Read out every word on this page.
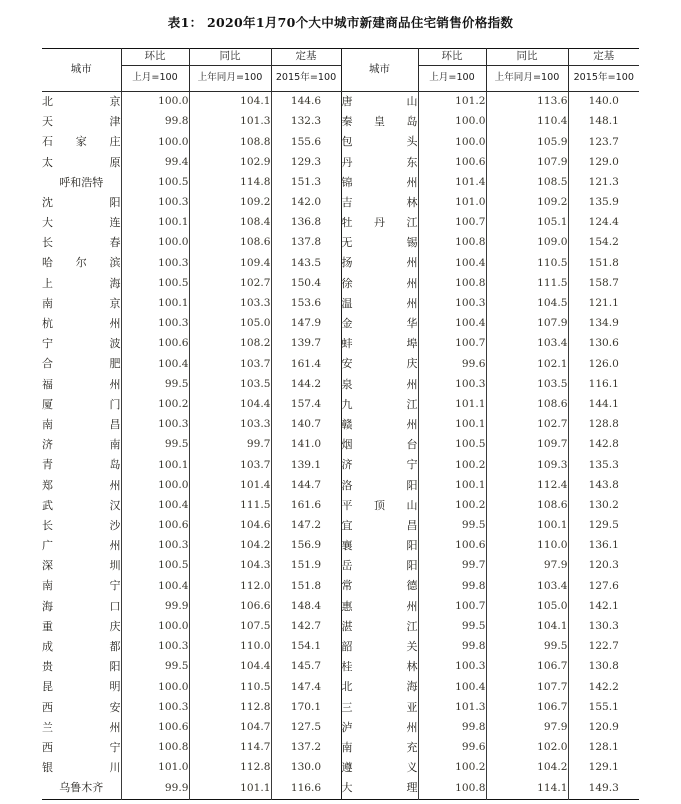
表1： 2020年1月70个大中城市新建商品住宅销售价格指数
城市	环比	同比	定基	城市	环比	同比	定基
	上月=100	上年同月=100	2015年=100		上月=100	上年同月=100	2015年=100

北京	100.0	104.1	144.6	唐山	101.2	113.6	140.0

天津	99.8	101.3	132.3	秦皇岛	100.0	110.4	148.1

石家庄	100.0	108.8	155.6	包头	100.0	105.9	123.7

太原	99.4	102.9	129.3	丹东	100.6	107.9	129.0

呼和浩特	100.5	114.8	151.3	锦州	101.4	108.5	121.3

沈阳	100.3	109.2	142.0	吉林	101.0	109.2	135.9

大连	100.1	108.4	136.8	牡丹江	100.7	105.1	124.4

长春	100.0	108.6	137.8	无锡	100.8	109.0	154.2

哈尔滨	100.3	109.4	143.5	扬州	100.4	110.5	151.8

上海	100.5	102.7	150.4	徐州	100.8	111.5	158.7

南京	100.1	103.3	153.6	温州	100.3	104.5	121.1

杭州	100.3	105.0	147.9	金华	100.4	107.9	134.9

宁波	100.6	108.2	139.7	蚌埠	100.7	103.4	130.6

合肥	100.4	103.7	161.4	安庆	99.6	102.1	126.0

福州	99.5	103.5	144.2	泉州	100.3	103.5	116.1

厦门	100.2	104.4	157.4	九江	101.1	108.6	144.1

南昌	100.3	103.3	140.7	赣州	100.1	102.7	128.8

济南	99.5	99.7	141.0	烟台	100.5	109.7	142.8

青岛	100.1	103.7	139.1	济宁	100.2	109.3	135.3

郑州	100.0	101.4	144.7	洛阳	100.1	112.4	143.8

武汉	100.4	111.5	161.6	平顶山	100.2	108.6	130.2

长沙	100.6	104.6	147.2	宜昌	99.5	100.1	129.5

广州	100.3	104.2	156.9	襄阳	100.6	110.0	136.1

深圳	100.5	104.3	151.9	岳阳	99.7	97.9	120.3

南宁	100.4	112.0	151.8	常德	99.8	103.4	127.6

海口	99.9	106.6	148.4	惠州	100.7	105.0	142.1

重庆	100.0	107.5	142.7	湛江	99.5	104.1	130.3

成都	100.3	110.0	154.1	韶关	99.8	99.5	122.7

贵阳	99.5	104.4	145.7	桂林	100.3	106.7	130.8

昆明	100.0	110.5	147.4	北海	100.4	107.7	142.2

西安	100.3	112.8	170.1	三亚	101.3	106.7	155.1

兰州	100.6	104.7	127.5	泸州	99.8	97.9	120.9

西宁	100.8	114.7	137.2	南充	99.6	102.0	128.1

银川	101.0	112.8	130.0	遵义	100.2	104.2	129.1

乌鲁木齐	99.9	101.1	116.6	大理	100.8	114.1	149.3
